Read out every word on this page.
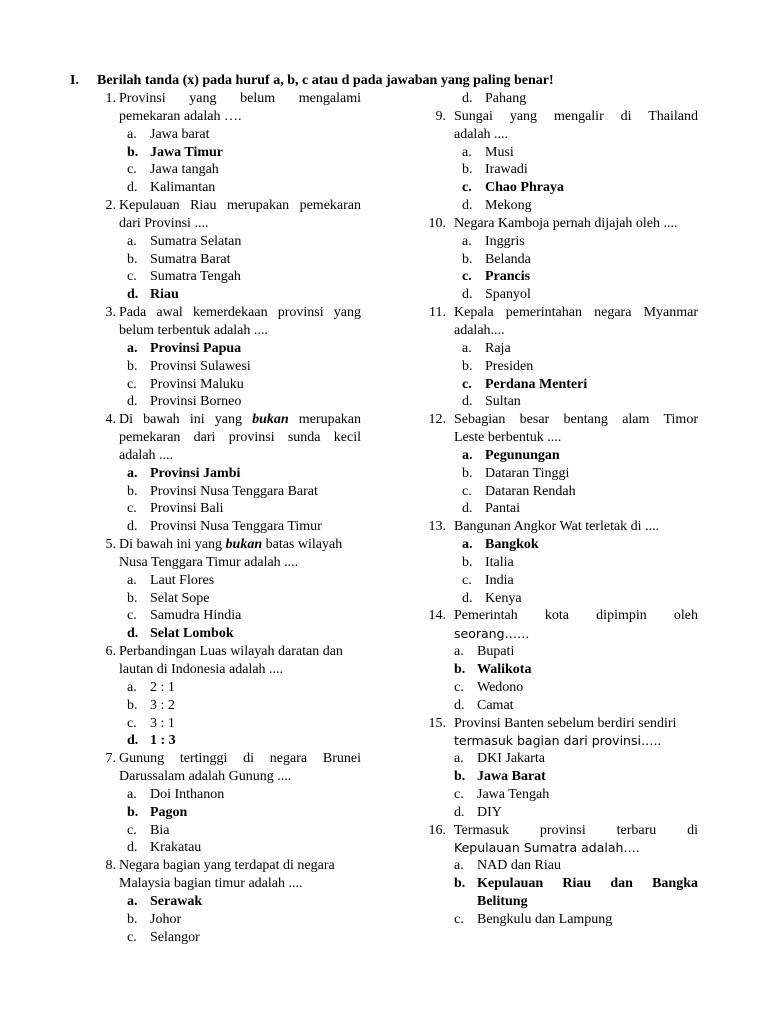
I. Berilah tanda (x) pada huruf a, b, c atau d pada jawaban yang paling benar!
1. Provinsi yang belum mengalami
pemekaran adalah ….
a. Jawa barat
b. Jawa Timur
c. Jawa tangah
d. Kalimantan
2. Kepulauan Riau merupakan pemekaran
dari Provinsi ....
a. Sumatra Selatan
b. Sumatra Barat
c. Sumatra Tengah
d. Riau
3. Pada awal kemerdekaan provinsi yang
belum terbentuk adalah ....
a. Provinsi Papua
b. Provinsi Sulawesi
c. Provinsi Maluku
d. Provinsi Borneo
4. Di bawah ini yang bukan merupakan
pemekaran dari provinsi sunda kecil
adalah ....
a. Provinsi Jambi
b. Provinsi Nusa Tenggara Barat
c. Provinsi Bali
d. Provinsi Nusa Tenggara Timur
5. Di bawah ini yang bukan batas wilayah
Nusa Tenggara Timur adalah ....
a. Laut Flores
b. Selat Sope
c. Samudra Hindia
d. Selat Lombok
6. Perbandingan Luas wilayah daratan dan
lautan di Indonesia adalah ....
a. 2 : 1
b. 3 : 2
c. 3 : 1
d. 1 : 3
7. Gunung tertinggi di negara Brunei
Darussalam adalah Gunung ....
a. Doi Inthanon
b. Pagon
c. Bia
d. Krakatau
8. Negara bagian yang terdapat di negara
Malaysia bagian timur adalah ....
a. Serawak
b. Johor
c. Selangor
d. Pahang
9. Sungai yang mengalir di Thailand
adalah ....
a. Musi
b. Irawadi
c. Chao Phraya
d. Mekong
10. Negara Kamboja pernah dijajah oleh ....
a. Inggris
b. Belanda
c. Prancis
d. Spanyol
11. Kepala pemerintahan negara Myanmar
adalah....
a. Raja
b. Presiden
c. Perdana Menteri
d. Sultan
12. Sebagian besar bentang alam Timor
Leste berbentuk ....
a. Pegunungan
b. Dataran Tinggi
c. Dataran Rendah
d. Pantai
13. Bangunan Angkor Wat terletak di ....
a. Bangkok
b. Italia
c. India
d. Kenya
14. Pemerintah kota dipimpin oleh
seorang……
a. Bupati
b. Walikota
c. Wedono
d. Camat
15. Provinsi Banten sebelum berdiri sendiri
termasuk bagian dari provinsi…..
a. DKI Jakarta
b. Jawa Barat
c. Jawa Tengah
d. DIY
16. Termasuk provinsi terbaru di
Kepulauan Sumatra adalah….
a. NAD dan Riau
b. Kepulauan Riau dan Bangka
Belitung
c. Bengkulu dan Lampung
